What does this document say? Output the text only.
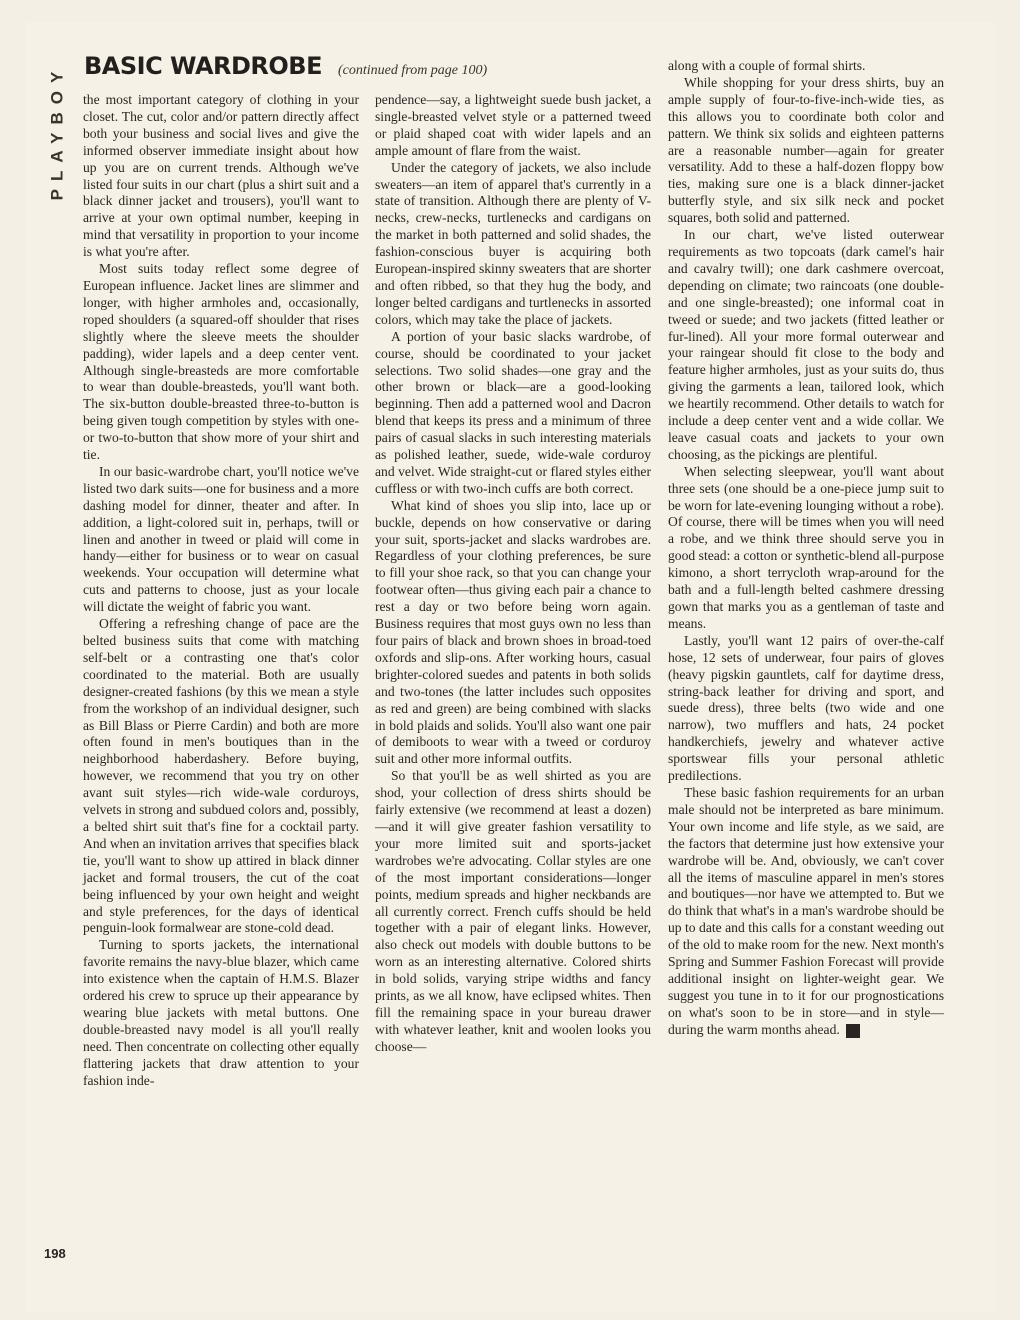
PLAYBOY BASIC WARDROBE (continued from page 100)

the most important category of clothing in your closet. The cut, color and/or pattern directly affect both your business and social lives and give the informed observer immediate insight about how up you are on current trends. Although we've listed four suits in our chart (plus a shirt suit and a black dinner jacket and trousers), you'll want to arrive at your own optimal number, keeping in mind that versatility in proportion to your income is what you're after.

Most suits today reflect some degree of European influence. Jacket lines are slimmer and longer, with higher armholes and, occasionally, roped shoulders (a squared-off shoulder that rises slightly where the sleeve meets the shoulder padding), wider lapels and a deep center vent. Although single-breasteds are more comfortable to wear than double-breasteds, you'll want both. The six-button double-breasted three-to-button is being given tough competition by styles with one- or two-to-button that show more of your shirt and tie.

In our basic-wardrobe chart, you'll notice we've listed two dark suits—one for business and a more dashing model for dinner, theater and after. In addition, a light-colored suit in, perhaps, twill or linen and another in tweed or plaid will come in handy—either for business or to wear on casual weekends. Your occupation will determine what cuts and patterns to choose, just as your locale will dictate the weight of fabric you want.

Offering a refreshing change of pace are the belted business suits that come with matching self-belt or a contrasting one that's color coordinated to the material. Both are usually designer-created fashions (by this we mean a style from the workshop of an individual designer, such as Bill Blass or Pierre Cardin) and both are more often found in men's boutiques than in the neighborhood haberdashery. Before buying, however, we recommend that you try on other avant suit styles—rich wide-wale corduroys, velvets in strong and subdued colors and, possibly, a belted shirt suit that's fine for a cocktail party. And when an invitation arrives that specifies black tie, you'll want to show up attired in black dinner jacket and formal trousers, the cut of the coat being influenced by your own height and weight and style preferences, for the days of identical penguin-look formalwear are stone-cold dead.

Turning to sports jackets, the international favorite remains the navy-blue blazer, which came into existence when the captain of H.M.S. Blazer ordered his crew to spruce up their appearance by wearing blue jackets with metal buttons. One double-breasted navy model is all you'll really need. Then concentrate on collecting other equally flattering jackets that draw attention to your fashion inde-

pendence—say, a lightweight suede bush jacket, a single-breasted velvet style or a patterned tweed or plaid shaped coat with wider lapels and an ample amount of flare from the waist.

Under the category of jackets, we also include sweaters—an item of apparel that's currently in a state of transition. Although there are plenty of V-necks, crew-necks, turtlenecks and cardigans on the market in both patterned and solid shades, the fashion-conscious buyer is acquiring both European-inspired skinny sweaters that are shorter and often ribbed, so that they hug the body, and longer belted cardigans and turtlenecks in assorted colors, which may take the place of jackets.

A portion of your basic slacks wardrobe, of course, should be coordinated to your jacket selections. Two solid shades—one gray and the other brown or black—are a good-looking beginning. Then add a patterned wool and Dacron blend that keeps its press and a minimum of three pairs of casual slacks in such interesting materials as polished leather, suede, wide-wale corduroy and velvet. Wide straight-cut or flared styles either cuffless or with two-inch cuffs are both correct.

What kind of shoes you slip into, lace up or buckle, depends on how conservative or daring your suit, sports-jacket and slacks wardrobes are. Regardless of your clothing preferences, be sure to fill your shoe rack, so that you can change your footwear often—thus giving each pair a chance to rest a day or two before being worn again. Business requires that most guys own no less than four pairs of black and brown shoes in broad-toed oxfords and slip-ons. After working hours, casual brighter-colored suedes and patents in both solids and two-tones (the latter includes such opposites as red and green) are being combined with slacks in bold plaids and solids. You'll also want one pair of demiboots to wear with a tweed or corduroy suit and other more informal outfits.

So that you'll be as well shirted as you are shod, your collection of dress shirts should be fairly extensive (we recommend at least a dozen)—and it will give greater fashion versatility to your more limited suit and sports-jacket wardrobes we're advocating. Collar styles are one of the most important considerations—longer points, medium spreads and higher neckbands are all currently correct. French cuffs should be held together with a pair of elegant links. However, also check out models with double buttons to be worn as an interesting alternative. Colored shirts in bold solids, varying stripe widths and fancy prints, as we all know, have eclipsed whites. Then fill the remaining space in your bureau drawer with whatever leather, knit and woolen looks you choose—

along with a couple of formal shirts.

While shopping for your dress shirts, buy an ample supply of four-to-five-inch-wide ties, as this allows you to coordinate both color and pattern. We think six solids and eighteen patterns are a reasonable number—again for greater versatility. Add to these a half-dozen floppy bow ties, making sure one is a black dinner-jacket butterfly style, and six silk neck and pocket squares, both solid and patterned.

In our chart, we've listed outerwear requirements as two topcoats (dark camel's hair and cavalry twill); one dark cashmere overcoat, depending on climate; two raincoats (one double- and one single-breasted); one informal coat in tweed or suede; and two jackets (fitted leather or fur-lined). All your more formal outerwear and your raingear should fit close to the body and feature higher armholes, just as your suits do, thus giving the garments a lean, tailored look, which we heartily recommend. Other details to watch for include a deep center vent and a wide collar. We leave casual coats and jackets to your own choosing, as the pickings are plentiful.

When selecting sleepwear, you'll want about three sets (one should be a one-piece jump suit to be worn for late-evening lounging without a robe). Of course, there will be times when you will need a robe, and we think three should serve you in good stead: a cotton or synthetic-blend all-purpose kimono, a short terrycloth wrap-around for the bath and a full-length belted cashmere dressing gown that marks you as a gentleman of taste and means.

Lastly, you'll want 12 pairs of over-the-calf hose, 12 sets of underwear, four pairs of gloves (heavy pigskin gauntlets, calf for daytime dress, string-back leather for driving and sport, and suede dress), three belts (two wide and one narrow), two mufflers and hats, 24 pocket handkerchiefs, jewelry and whatever active sportswear fills your personal athletic predilections.

These basic fashion requirements for an urban male should not be interpreted as bare minimum. Your own income and life style, as we said, are the factors that determine just how extensive your wardrobe will be. And, obviously, we can't cover all the items of masculine apparel in men's stores and boutiques—nor have we attempted to. But we do think that what's in a man's wardrobe should be up to date and this calls for a constant weeding out of the old to make room for the new. Next month's Spring and Summer Fashion Forecast will provide additional insight on lighter-weight gear. We suggest you tune in to it for our prognostications on what's soon to be in store—and in style—during the warm months ahead. ♦

198
